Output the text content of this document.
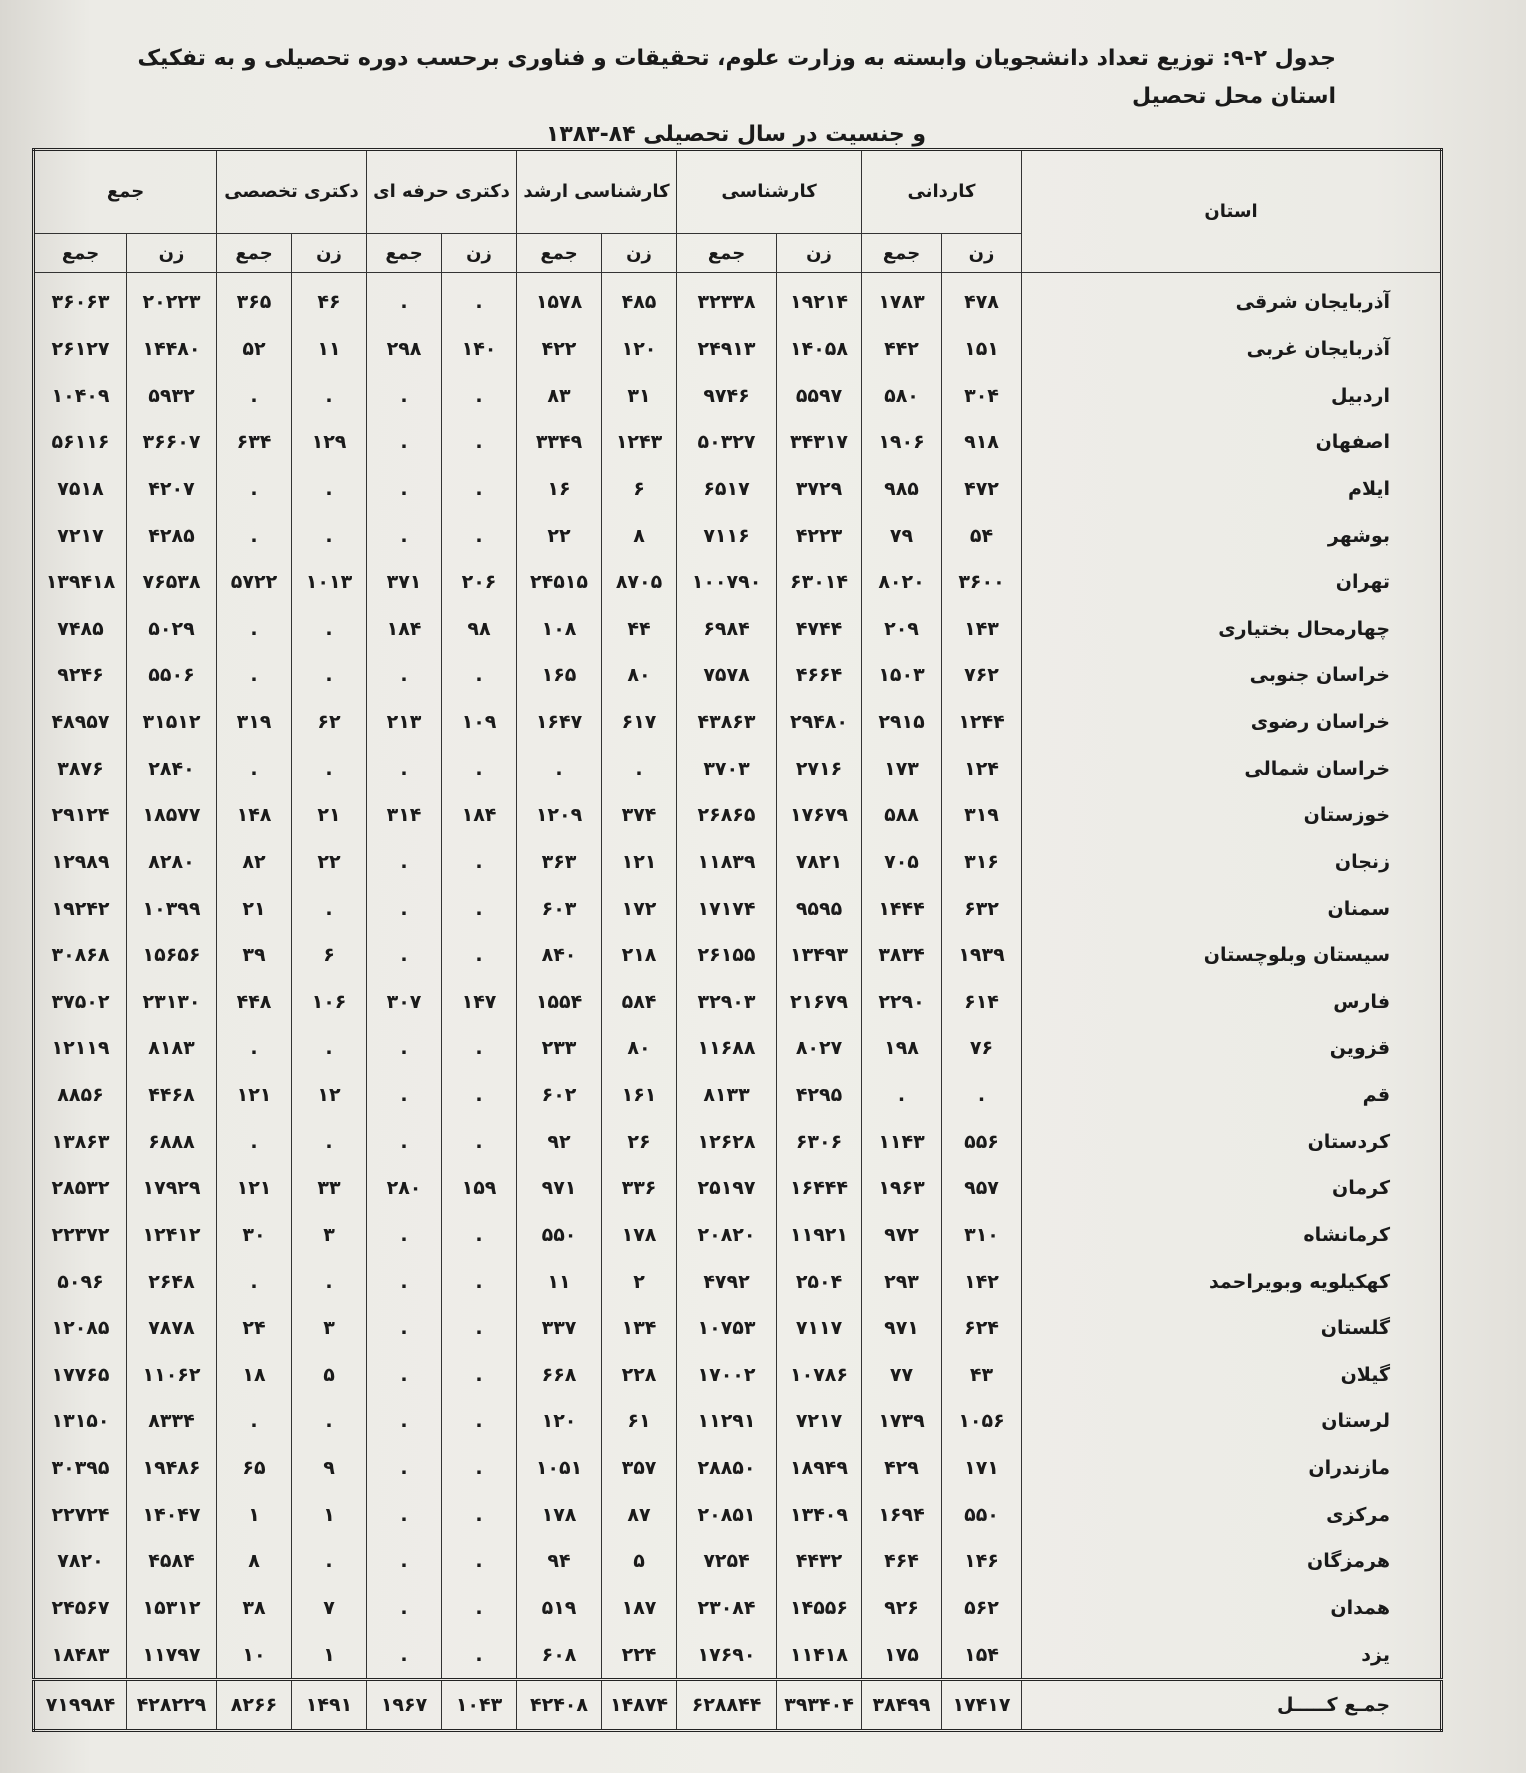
جدول ۲-۹: توزیع تعداد دانشجویان وابسته به وزارت علوم، تحقیقات و فناوری برحسب دوره تحصیلی و به تفکیک استان محل تحصیل
و جنسیت در سال تحصیلی ۸۴-۱۳۸۳
استان	کاردانی		کارشناسی		کارشناسی ارشد		دکتری حرفه ای		دکتری تخصصی		جمع	
	زن	جمع	زن	جمع	زن	جمع	زن	جمع	زن	جمع	زن	جمع
آذربایجان شرقی	۴۷۸	۱۷۸۳	۱۹۲۱۴	۳۲۳۳۸	۴۸۵	۱۵۷۸	.	.	۴۶	۳۶۵	۲۰۲۲۳	۳۶۰۶۳
آذربایجان غربی	۱۵۱	۴۴۲	۱۴۰۵۸	۲۴۹۱۳	۱۲۰	۴۲۲	۱۴۰	۲۹۸	۱۱	۵۲	۱۴۴۸۰	۲۶۱۲۷
اردبیل	۳۰۴	۵۸۰	۵۵۹۷	۹۷۴۶	۳۱	۸۳	.	.	.	.	۵۹۳۲	۱۰۴۰۹
اصفهان	۹۱۸	۱۹۰۶	۳۴۳۱۷	۵۰۳۲۷	۱۲۴۳	۳۳۴۹	.	.	۱۲۹	۶۳۴	۳۶۶۰۷	۵۶۱۱۶
ایلام	۴۷۲	۹۸۵	۳۷۲۹	۶۵۱۷	۶	۱۶	.	.	.	.	۴۲۰۷	۷۵۱۸
بوشهر	۵۴	۷۹	۴۲۲۳	۷۱۱۶	۸	۲۲	.	.	.	.	۴۲۸۵	۷۲۱۷
تهران	۳۶۰۰	۸۰۲۰	۶۳۰۱۴	۱۰۰۷۹۰	۸۷۰۵	۲۴۵۱۵	۲۰۶	۳۷۱	۱۰۱۳	۵۷۲۲	۷۶۵۳۸	۱۳۹۴۱۸
چهارمحال بختیاری	۱۴۳	۲۰۹	۴۷۴۴	۶۹۸۴	۴۴	۱۰۸	۹۸	۱۸۴	.	.	۵۰۲۹	۷۴۸۵
خراسان جنوبی	۷۶۲	۱۵۰۳	۴۶۶۴	۷۵۷۸	۸۰	۱۶۵	.	.	.	.	۵۵۰۶	۹۲۴۶
خراسان رضوی	۱۲۴۴	۲۹۱۵	۲۹۴۸۰	۴۳۸۶۳	۶۱۷	۱۶۴۷	۱۰۹	۲۱۳	۶۲	۳۱۹	۳۱۵۱۲	۴۸۹۵۷
خراسان شمالی	۱۲۴	۱۷۳	۲۷۱۶	۳۷۰۳	.	.	.	.	.	.	۲۸۴۰	۳۸۷۶
خوزستان	۳۱۹	۵۸۸	۱۷۶۷۹	۲۶۸۶۵	۳۷۴	۱۲۰۹	۱۸۴	۳۱۴	۲۱	۱۴۸	۱۸۵۷۷	۲۹۱۲۴
زنجان	۳۱۶	۷۰۵	۷۸۲۱	۱۱۸۳۹	۱۲۱	۳۶۳	.	.	۲۲	۸۲	۸۲۸۰	۱۲۹۸۹
سمنان	۶۳۲	۱۴۴۴	۹۵۹۵	۱۷۱۷۴	۱۷۲	۶۰۳	.	.	.	۲۱	۱۰۳۹۹	۱۹۲۴۲
سیستان وبلوچستان	۱۹۳۹	۳۸۳۴	۱۳۴۹۳	۲۶۱۵۵	۲۱۸	۸۴۰	.	.	۶	۳۹	۱۵۶۵۶	۳۰۸۶۸
فارس	۶۱۴	۲۲۹۰	۲۱۶۷۹	۳۲۹۰۳	۵۸۴	۱۵۵۴	۱۴۷	۳۰۷	۱۰۶	۴۴۸	۲۳۱۳۰	۳۷۵۰۲
قزوین	۷۶	۱۹۸	۸۰۲۷	۱۱۶۸۸	۸۰	۲۳۳	.	.	.	.	۸۱۸۳	۱۲۱۱۹
قم	.	.	۴۲۹۵	۸۱۳۳	۱۶۱	۶۰۲	.	.	۱۲	۱۲۱	۴۴۶۸	۸۸۵۶
کردستان	۵۵۶	۱۱۴۳	۶۳۰۶	۱۲۶۲۸	۲۶	۹۲	.	.	.	.	۶۸۸۸	۱۳۸۶۳
کرمان	۹۵۷	۱۹۶۳	۱۶۴۴۴	۲۵۱۹۷	۳۳۶	۹۷۱	۱۵۹	۲۸۰	۳۳	۱۲۱	۱۷۹۲۹	۲۸۵۳۲
کرمانشاه	۳۱۰	۹۷۲	۱۱۹۲۱	۲۰۸۲۰	۱۷۸	۵۵۰	.	.	۳	۳۰	۱۲۴۱۲	۲۲۳۷۲
کهکیلویه وبویراحمد	۱۴۲	۲۹۳	۲۵۰۴	۴۷۹۲	۲	۱۱	.	.	.	.	۲۶۴۸	۵۰۹۶
گلستان	۶۲۴	۹۷۱	۷۱۱۷	۱۰۷۵۳	۱۳۴	۳۳۷	.	.	۳	۲۴	۷۸۷۸	۱۲۰۸۵
گیلان	۴۳	۷۷	۱۰۷۸۶	۱۷۰۰۲	۲۲۸	۶۶۸	.	.	۵	۱۸	۱۱۰۶۲	۱۷۷۶۵
لرستان	۱۰۵۶	۱۷۳۹	۷۲۱۷	۱۱۲۹۱	۶۱	۱۲۰	.	.	.	.	۸۳۳۴	۱۳۱۵۰
مازندران	۱۷۱	۴۲۹	۱۸۹۴۹	۲۸۸۵۰	۳۵۷	۱۰۵۱	.	.	۹	۶۵	۱۹۴۸۶	۳۰۳۹۵
مرکزی	۵۵۰	۱۶۹۴	۱۳۴۰۹	۲۰۸۵۱	۸۷	۱۷۸	.	.	۱	۱	۱۴۰۴۷	۲۲۷۲۴
هرمزگان	۱۴۶	۴۶۴	۴۴۳۲	۷۲۵۴	۵	۹۴	.	.	.	۸	۴۵۸۴	۷۸۲۰
همدان	۵۶۲	۹۲۶	۱۴۵۵۶	۲۳۰۸۴	۱۸۷	۵۱۹	.	.	۷	۳۸	۱۵۳۱۲	۲۴۵۶۷
یزد	۱۵۴	۱۷۵	۱۱۴۱۸	۱۷۶۹۰	۲۲۴	۶۰۸	.	.	۱	۱۰	۱۱۷۹۷	۱۸۴۸۳
جمـع کـــــل	۱۷۴۱۷	۳۸۴۹۹	۳۹۳۴۰۴	۶۲۸۸۴۴	۱۴۸۷۴	۴۲۴۰۸	۱۰۴۳	۱۹۶۷	۱۴۹۱	۸۲۶۶	۴۲۸۲۲۹	۷۱۹۹۸۴
